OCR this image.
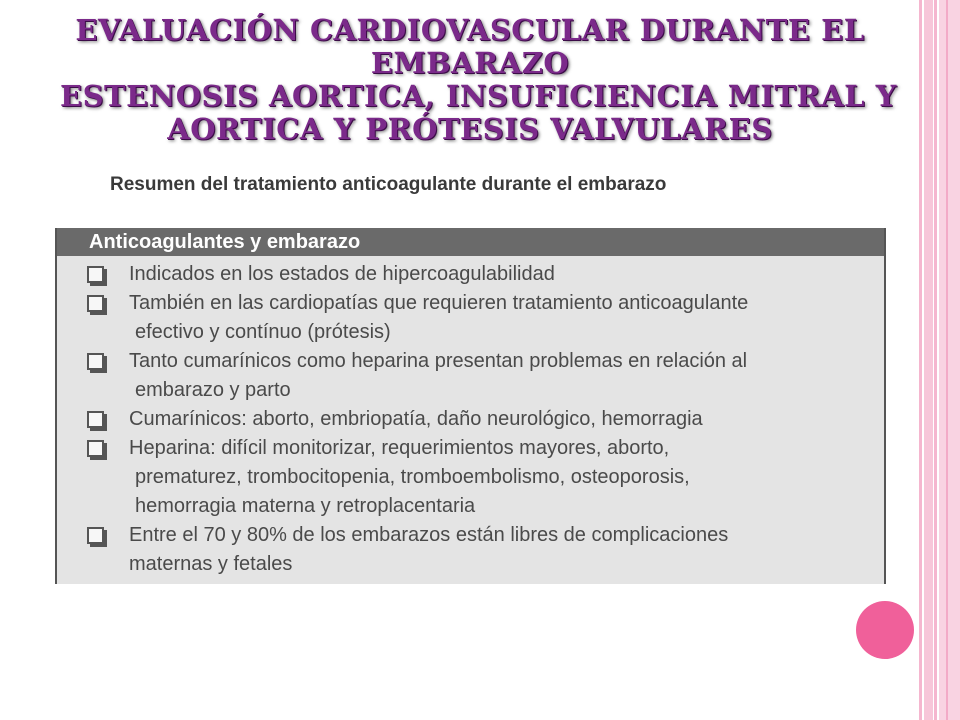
EVALUACIÓN CARDIOVASCULAR DURANTE EL
EMBARAZO
ESTENOSIS AORTICA, INSUFICIENCIA MITRAL Y
AORTICA Y PRÓTESIS VALVULARES
Resumen del tratamiento anticoagulante durante el embarazo
Anticoagulantes y embarazo
Indicados en los estados de hipercoagulabilidad
También en las cardiopatías que requieren tratamiento anticoagulante
efectivo y contínuo (prótesis)
Tanto cumarínicos como heparina presentan problemas en relación al
embarazo y parto
Cumarínicos: aborto, embriopatía, daño neurológico, hemorragia
Heparina: difícil monitorizar, requerimientos mayores, aborto,
prematurez, trombocitopenia, tromboembolismo, osteoporosis,
hemorragia materna y retroplacentaria
Entre el 70 y 80% de los embarazos están libres de complicaciones
maternas y fetales
